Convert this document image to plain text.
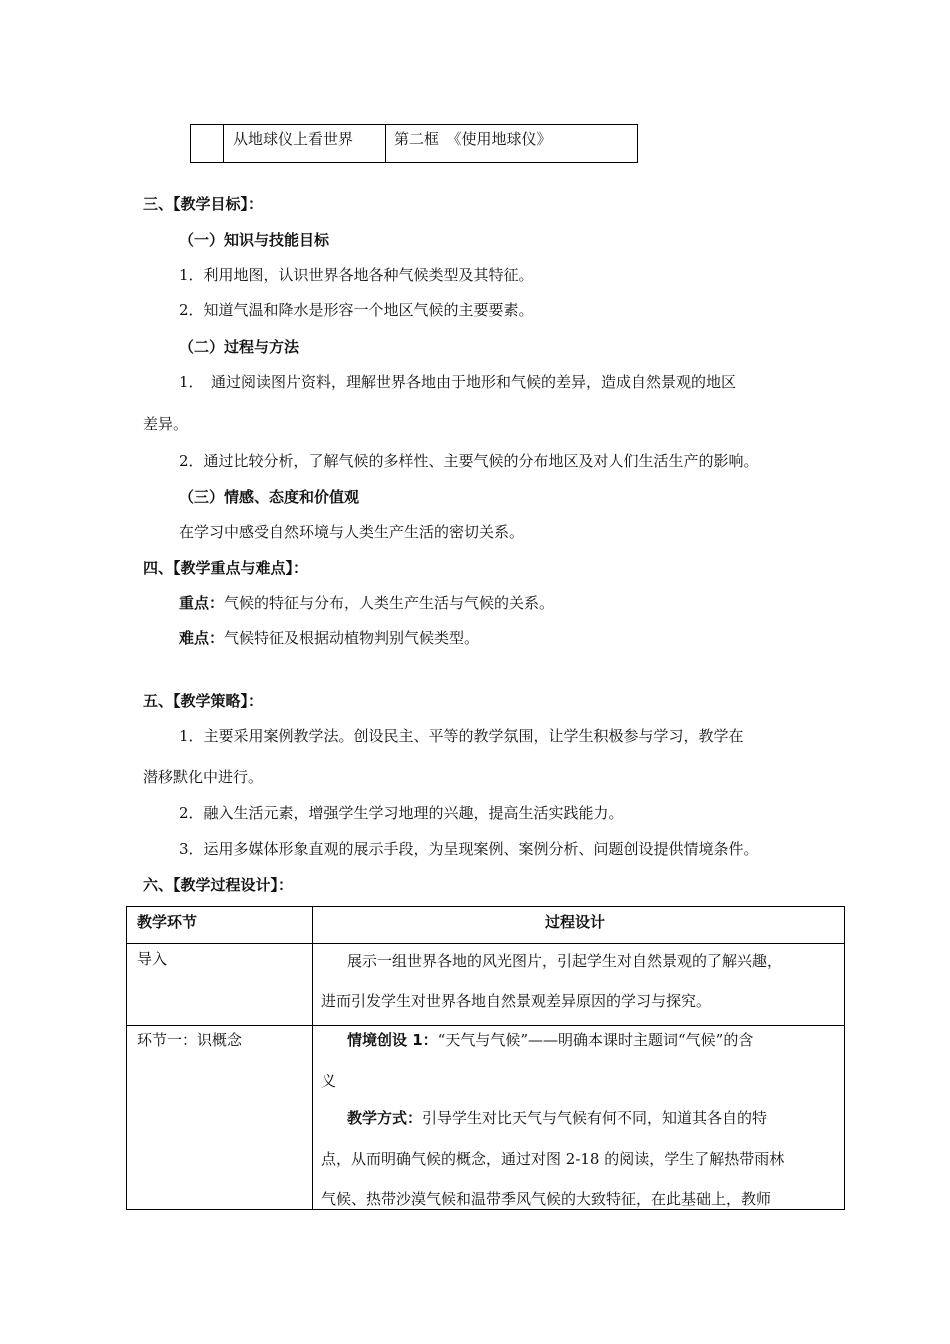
从地球仪上看世界	第二框　《使用地球仪》
三、【教学目标】：
（一）知识与技能目标
1．利用地图，认识世界各地各种气候类型及其特征。
2．知道气温和降水是形容一个地区气候的主要要素。
（二）过程与方法
1．　通过阅读图片资料，理解世界各地由于地形和气候的差异，造成自然景观的地区
差异。
2．通过比较分析，了解气候的多样性、主要气候的分布地区及对人们生活生产的影响。
（三）情感、态度和价值观
在学习中感受自然环境与人类生产生活的密切关系。
四、【教学重点与难点】：
重点：气候的特征与分布，人类生产生活与气候的关系。
难点：气候特征及根据动植物判别气候类型。
五、【教学策略】：
1．主要采用案例教学法。创设民主、平等的教学氛围，让学生积极参与学习，教学在
潜移默化中进行。
2．融入生活元素，增强学生学习地理的兴趣，提高生活实践能力。
3．运用多媒体形象直观的展示手段，为呈现案例、案例分析、问题创设提供情境条件。
六、【教学过程设计】：

教学环节	过程设计
导入	展示一组世界各地的风光图片，引起学生对自然景观的了解兴趣，
进而引发学生对世界各地自然景观差异原因的学习与探究。
环节一：识概念	情境创设 1：“天气与气候”——明确本课时主题词“气候”的含
义
教学方式：引导学生对比天气与气候有何不同，知道其各自的特
点，从而明确气候的概念，通过对图 2-18 的阅读，学生了解热带雨林
气候、热带沙漠气候和温带季风气候的大致特征，在此基础上，教师
